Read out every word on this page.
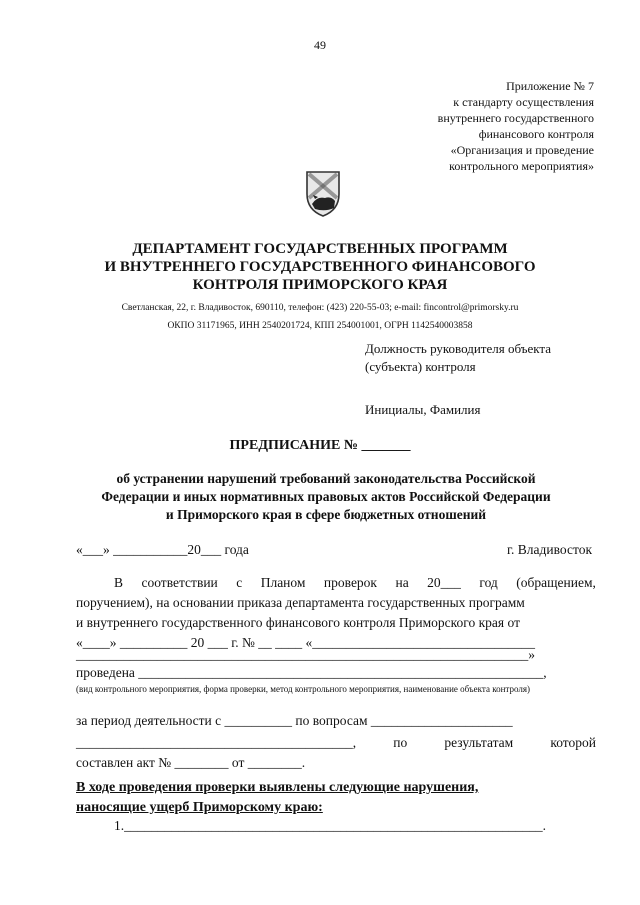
49
Приложение № 7
к стандарту осуществления
внутреннего государственного
финансового контроля
«Организация и проведение
контрольного мероприятия»
ДЕПАРТАМЕНТ ГОСУДАРСТВЕННЫХ ПРОГРАММ
И ВНУТРЕННЕГО ГОСУДАРСТВЕННОГО ФИНАНСОВОГО
КОНТРОЛЯ ПРИМОРСКОГО КРАЯ
Светланская, 22, г. Владивосток, 690110, телефон: (423) 220-55-03; e-mail: fincontrol@primorsky.ru
ОКПО 31171965, ИНН 2540201724, КПП 254001001, ОГРН 1142540003858
Должность руководителя объекта
(субъекта) контроля
Инициалы, Фамилия
ПРЕДПИСАНИЕ № _______
об устранении нарушений требований законодательства Российской
Федерации и иных нормативных правовых актов Российской Федерации
и Приморского края в сфере бюджетных отношений
«___» ___________20___ года	г. Владивосток
В соответствии с Планом проверок на 20___ год (обращением,
поручением), на основании приказа департамента государственных программ
и внутреннего государственного финансового контроля Приморского края от
«____» __________ 20 ___ г. № __ ____ «_________________________________
___________________________________________________________________»
проведена ____________________________________________________________,
(вид контрольного мероприятия, форма проверки, метод контрольного мероприятия, наименование объекта контроля)
за период деятельности с __________ по вопросам _____________________
_________________________________________,	по	результатам	которой
составлен акт № ________ от ________.
В ходе проведения проверки выявлены следующие нарушения,
наносящие ущерб Приморскому краю:
1.______________________________________________________________.
